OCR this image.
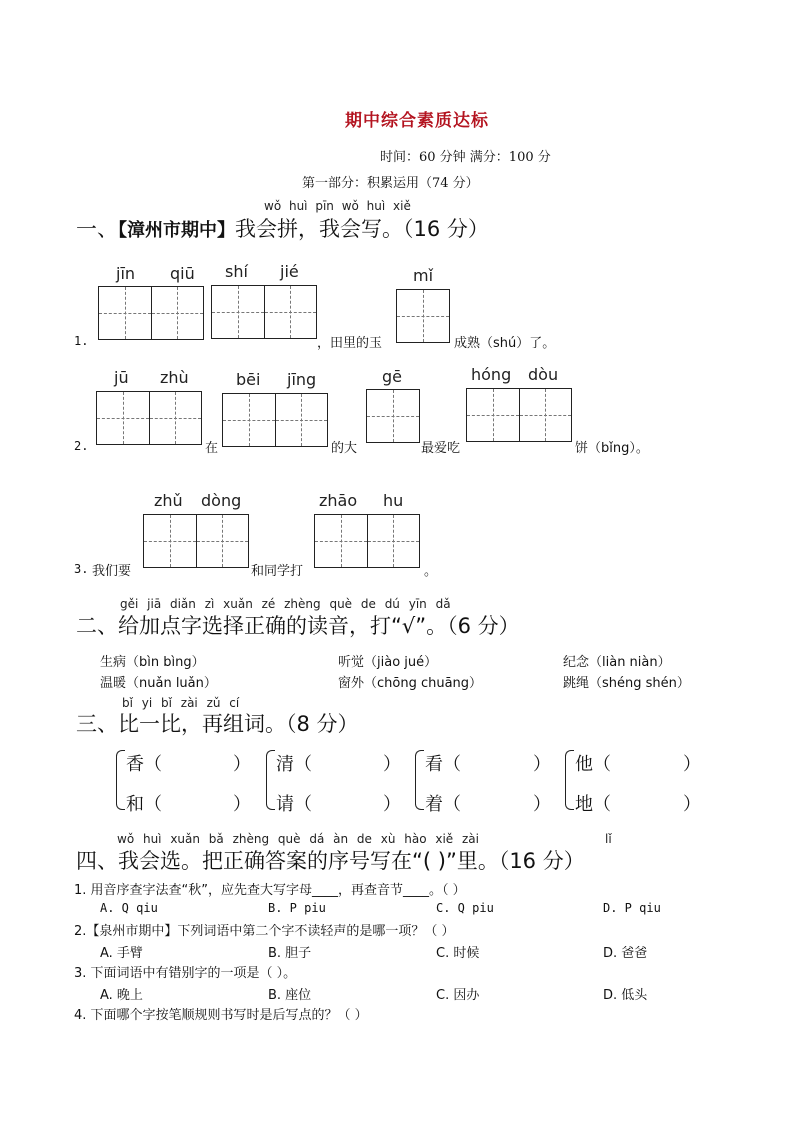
期中综合素质达标
时间：60 分钟 满分：100 分
第一部分：积累运用（74 分）
wǒ huì pīn wǒ huì xiě
一、【漳州市期中】我会拼，我会写。（16 分）
jīn qiū shí jié	mǐ
1.	，田里的玉	成熟（shú）了。
jū zhù	bēi jīng	gē	hóng dòu
2.	在	的大	最爱吃	饼（bǐng）。
zhǔ dòng	zhāo hu
3. 我们要	和同学打	。
gěi jiā diǎn zì xuǎn zé zhèng què de dú yīn dǎ
二、给加点字选择正确的读音，打“√”。（6 分）
生病（bìn bìng）	听觉（jiào jué）	纪念（liàn niàn）
温暖（nuǎn luǎn）	窗外（chōng chuāng）	跳绳（shéng shén）
bǐ yi bǐ zài zǔ cí
三、比一比，再组词。（8 分）
香（	）
和（	）
清（	）
请（	）
看（	）
着（	）
他（	）
地（	）
wǒ huì xuǎn bǎ zhèng què dá àn de xù hào xiě zài	lǐ
四、我会选。把正确答案的序号写在“( )”里。（16 分）
1. 用音序查字法查“秋”，应先查大写字母____，再查音节____。（ ）
A. Q qiu	B. P piu	C. Q piu	D. P qiu
2.【泉州市期中】下列词语中第二个字不读轻声的是哪一项？（ ）
A. 手臂	B. 胆子	C. 时候	D. 爸爸
3. 下面词语中有错别字的一项是（ ）。
A. 晚上	B. 座位	C. 因办	D. 低头
4. 下面哪个字按笔顺规则书写时是后写点的？（ ）
